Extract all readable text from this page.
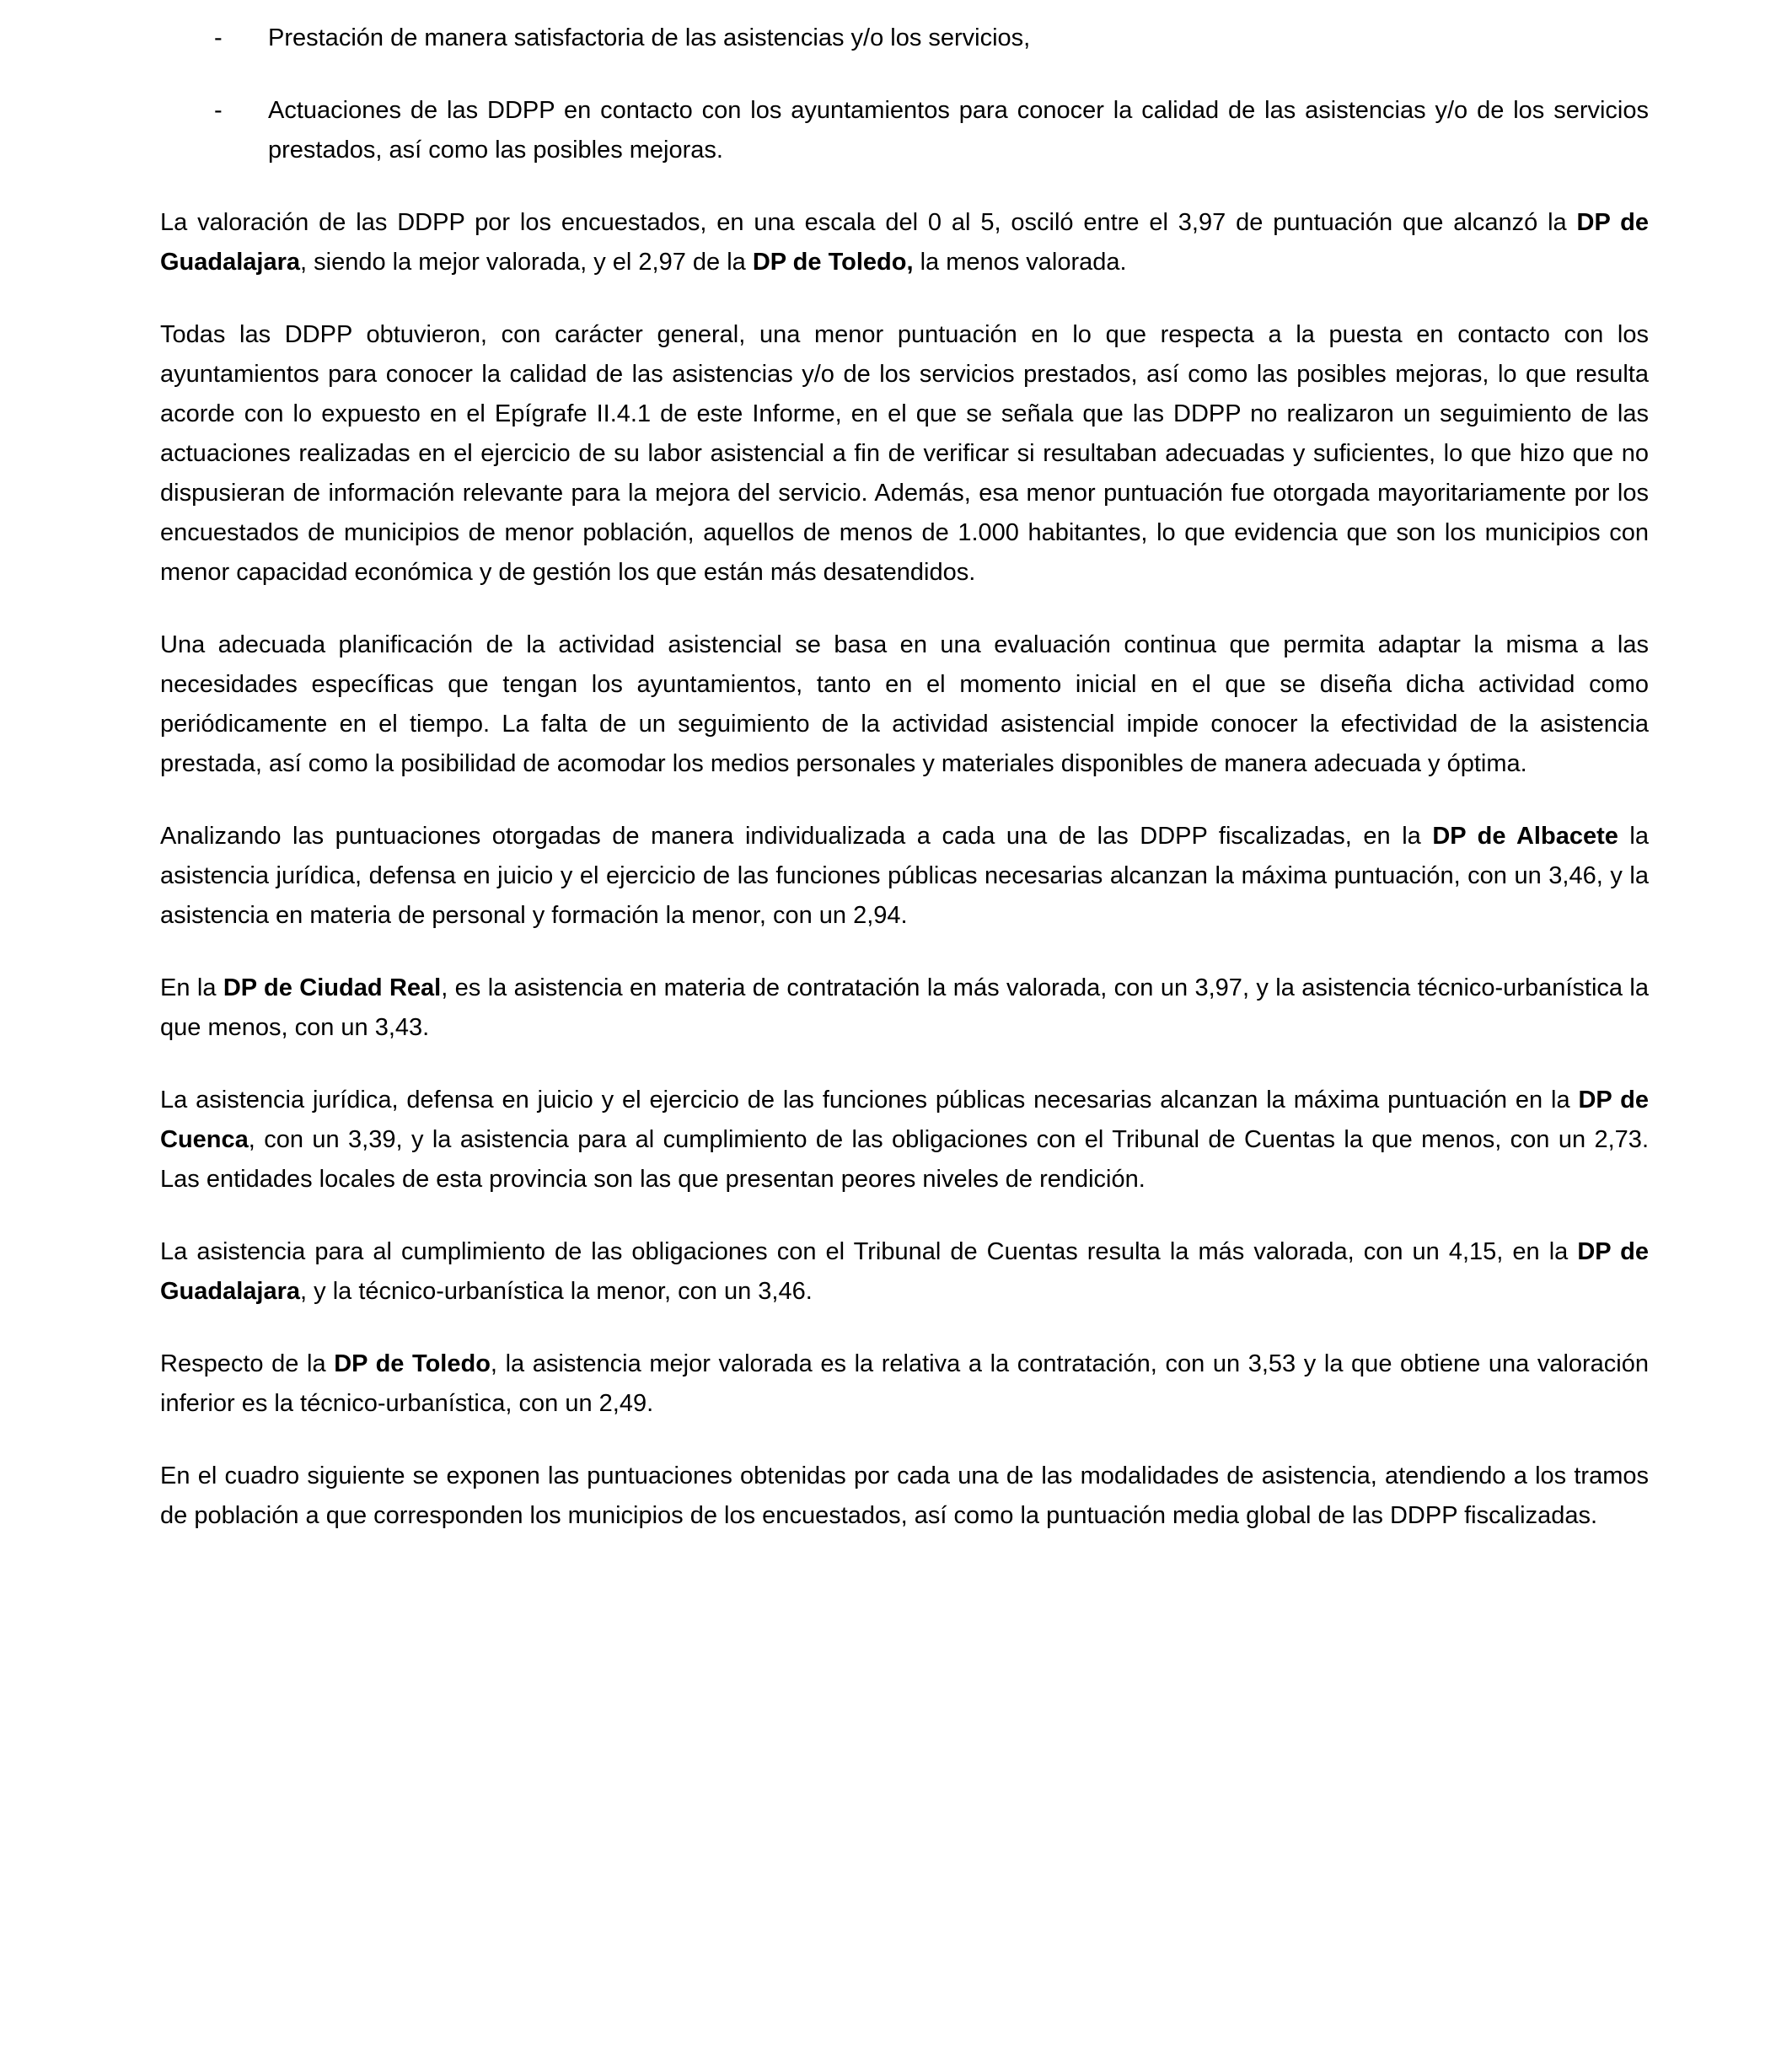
-	Prestación de manera satisfactoria de las asistencias y/o los servicios,
-	Actuaciones de las DDPP en contacto con los ayuntamientos para conocer la calidad de las asistencias y/o de los servicios prestados, así como las posibles mejoras.

La valoración de las DDPP por los encuestados, en una escala del 0 al 5, osciló entre el 3,97 de puntuación que alcanzó la DP de Guadalajara, siendo la mejor valorada, y el 2,97 de la DP de Toledo, la menos valorada.

Todas las DDPP obtuvieron, con carácter general, una menor puntuación en lo que respecta a la puesta en contacto con los ayuntamientos para conocer la calidad de las asistencias y/o de los servicios prestados, así como las posibles mejoras, lo que resulta acorde con lo expuesto en el Epígrafe II.4.1 de este Informe, en el que se señala que las DDPP no realizaron un seguimiento de las actuaciones realizadas en el ejercicio de su labor asistencial a fin de verificar si resultaban adecuadas y suficientes, lo que hizo que no dispusieran de información relevante para la mejora del servicio. Además, esa menor puntuación fue otorgada mayoritariamente por los encuestados de municipios de menor población, aquellos de menos de 1.000 habitantes, lo que evidencia que son los municipios con menor capacidad económica y de gestión los que están más desatendidos.

Una adecuada planificación de la actividad asistencial se basa en una evaluación continua que permita adaptar la misma a las necesidades específicas que tengan los ayuntamientos, tanto en el momento inicial en el que se diseña dicha actividad como periódicamente en el tiempo. La falta de un seguimiento de la actividad asistencial impide conocer la efectividad de la asistencia prestada, así como la posibilidad de acomodar los medios personales y materiales disponibles de manera adecuada y óptima.

Analizando las puntuaciones otorgadas de manera individualizada a cada una de las DDPP fiscalizadas, en la DP de Albacete la asistencia jurídica, defensa en juicio y el ejercicio de las funciones públicas necesarias alcanzan la máxima puntuación, con un 3,46, y la asistencia en materia de personal y formación la menor, con un 2,94.

En la DP de Ciudad Real, es la asistencia en materia de contratación la más valorada, con un 3,97, y la asistencia técnico-urbanística la que menos, con un 3,43.

La asistencia jurídica, defensa en juicio y el ejercicio de las funciones públicas necesarias alcanzan la máxima puntuación en la DP de Cuenca, con un 3,39, y la asistencia para al cumplimiento de las obligaciones con el Tribunal de Cuentas la que menos, con un 2,73. Las entidades locales de esta provincia son las que presentan peores niveles de rendición.

La asistencia para al cumplimiento de las obligaciones con el Tribunal de Cuentas resulta la más valorada, con un 4,15, en la DP de Guadalajara, y la técnico-urbanística la menor, con un 3,46.

Respecto de la DP de Toledo, la asistencia mejor valorada es la relativa a la contratación, con un 3,53 y la que obtiene una valoración inferior es la técnico-urbanística, con un 2,49.

En el cuadro siguiente se exponen las puntuaciones obtenidas por cada una de las modalidades de asistencia, atendiendo a los tramos de población a que corresponden los municipios de los encuestados, así como la puntuación media global de las DDPP fiscalizadas.
